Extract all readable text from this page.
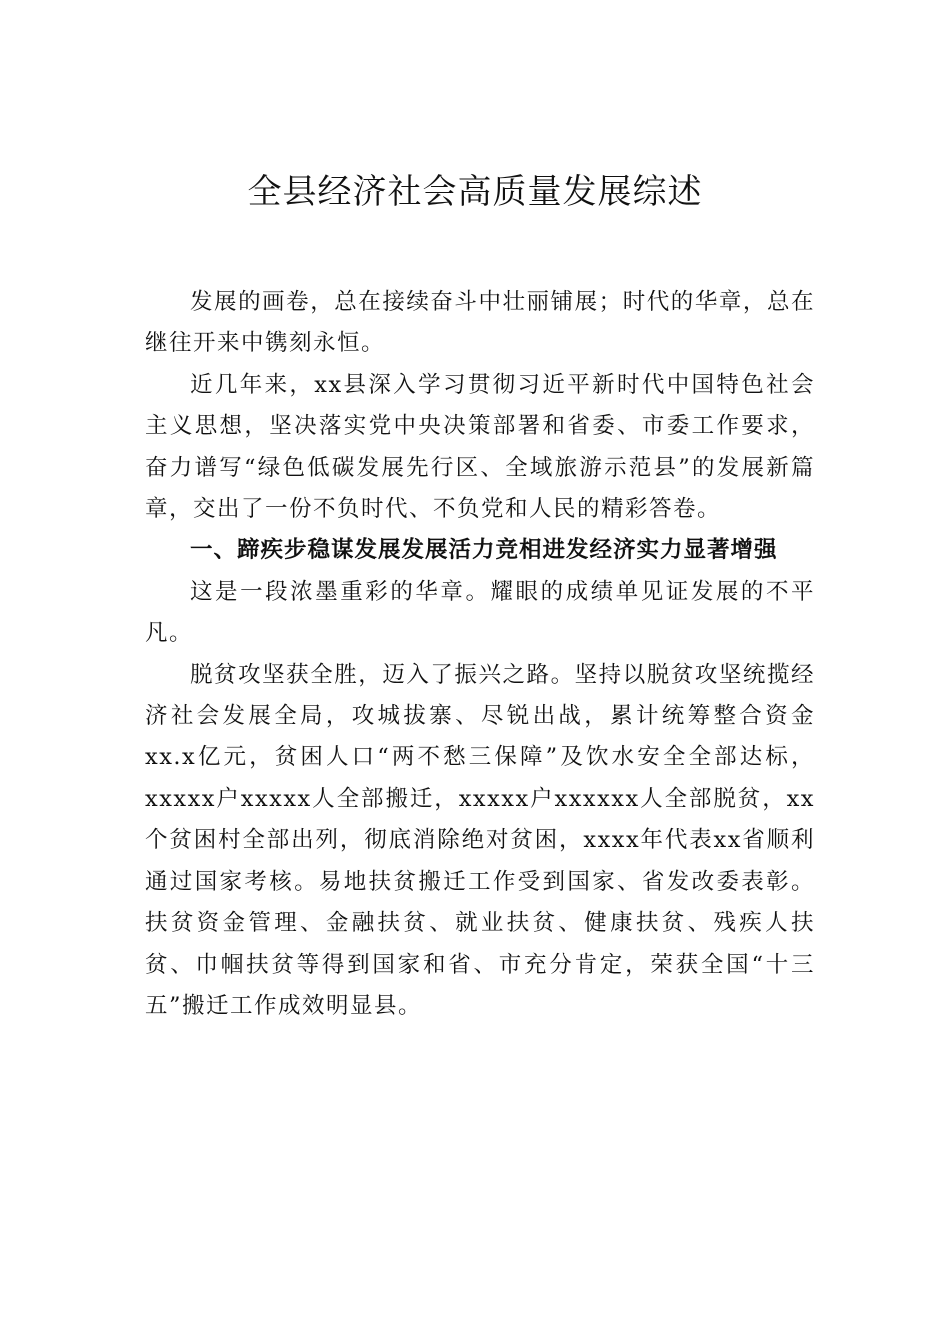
全县经济社会高质量发展综述

发展的画卷，总在接续奋斗中壮丽铺展；时代的华章，总在继往开来中镌刻永恒。

近几年来，xx县深入学习贯彻习近平新时代中国特色社会主义思想，坚决落实党中央决策部署和省委、市委工作要求，奋力谱写“绿色低碳发展先行区、全域旅游示范县”的发展新篇章，交出了一份不负时代、不负党和人民的精彩答卷。

一、蹄疾步稳谋发展发展活力竞相进发经济实力显著增强

这是一段浓墨重彩的华章。耀眼的成绩单见证发展的不平凡。

脱贫攻坚获全胜，迈入了振兴之路。坚持以脱贫攻坚统揽经济社会发展全局，攻城拔寨、尽锐出战，累计统筹整合资金xx.x亿元，贫困人口“两不愁三保障”及饮水安全全部达标，xxxxx户xxxxx人全部搬迁，xxxxx户xxxxxx人全部脱贫，xx个贫困村全部出列，彻底消除绝对贫困，xxxx年代表xx省顺利通过国家考核。易地扶贫搬迁工作受到国家、省发改委表彰。扶贫资金管理、金融扶贫、就业扶贫、健康扶贫、残疾人扶贫、巾帼扶贫等得到国家和省、市充分肯定，荣获全国“十三五”搬迁工作成效明显县。
